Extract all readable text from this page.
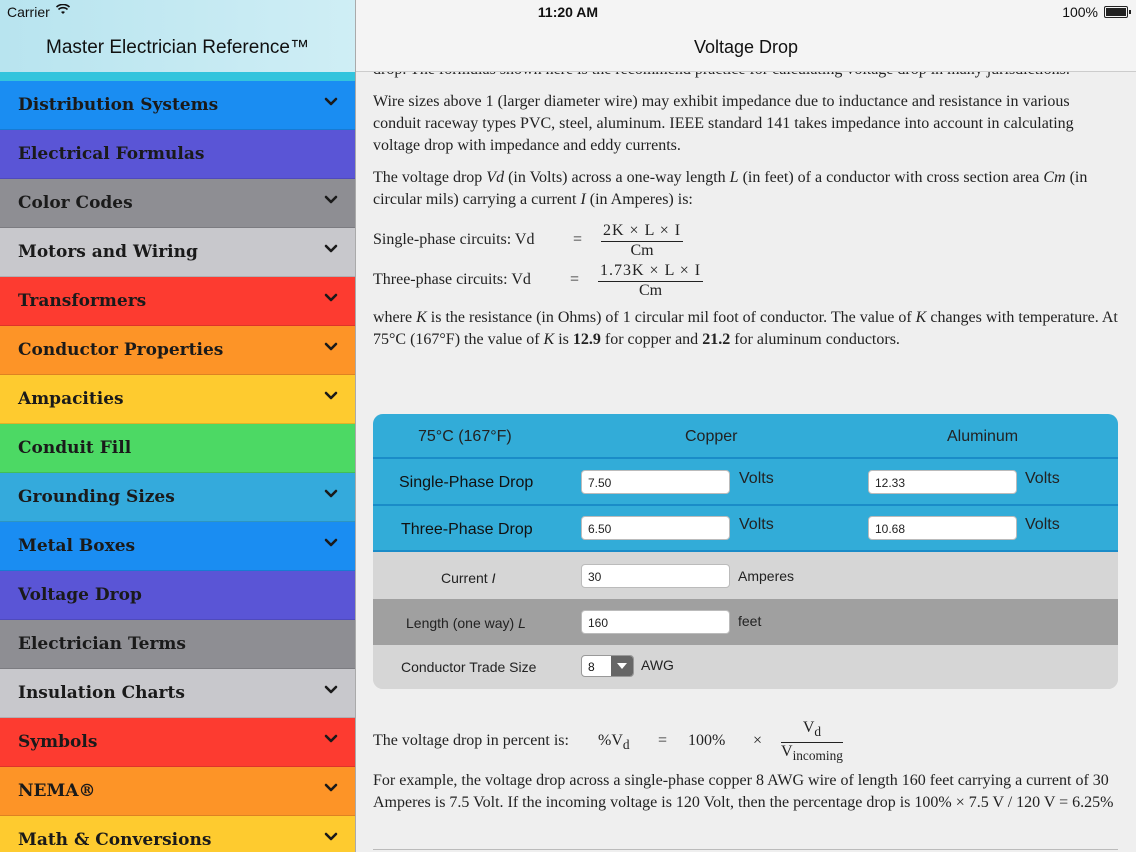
Master Electrician Reference™
Distribution Systems
Electrical Formulas
Color Codes
Motors and Wiring
Transformers
Conductor Properties
Ampacities
Conduit Fill
Grounding Sizes
Metal Boxes
Voltage Drop
Electrician Terms
Insulation Charts
Symbols
NEMA®
Math & Conversions

Wire sizes above 1 (larger diameter wire) may exhibit impedance due to inductance and resistance in various conduit raceway types PVC, steel, aluminum. IEEE standard 141 takes impedance into account in calculating voltage drop with impedance and eddy currents.

The voltage drop Vd (in Volts) across a one-way length L (in feet) of a conductor with cross section area Cm (in circular mils) carrying a current I (in Amperes) is:

Single-phase circuits: $Vd = \frac{2K \times L \times I}{Cm}$
Three-phase circuits: $Vd = \frac{1.73K \times L \times I}{Cm}$

where K is the resistance (in Ohms) of 1 circular mil foot of conductor. The value of K changes with temperature. At 75°C (167°F) the value of K is 12.9 for copper and 21.2 for aluminum conductors.

75°C (167°F)	Copper	Aluminum
Single-Phase Drop	7.50	Volts	12.33	Volts
Three-Phase Drop	6.50	Volts	10.68	Volts
Current I	30	Amperes
Length (one way) L	160	feet
Conductor Trade Size	8	AWG
The voltage drop in percent is: $\%V_d = 100\%$ ×
$V_d$
$V_{incoming}$

For example, the voltage drop across a single-phase copper 8 AWG wire of length 160 feet carrying a current of 30 Amperes is 7.5 Volt. If the incoming voltage is 120 Volt, then the percentage drop is 100% × 7.5 V / 120 V = 6.25%

Voltage Drop
Carrier	11:20 AM	100%
